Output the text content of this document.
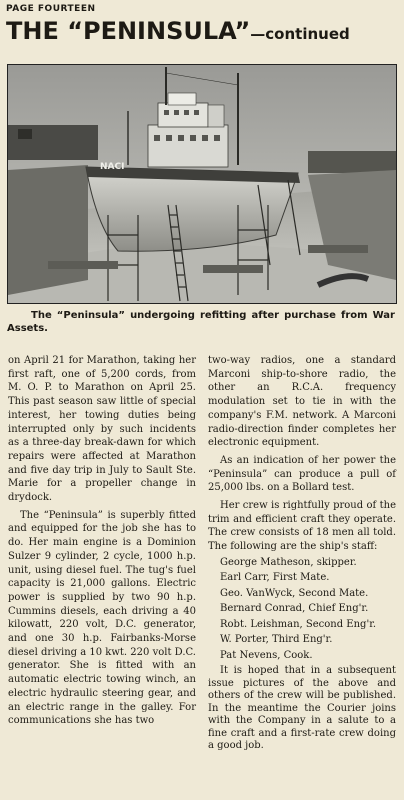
PAGE FOURTEEN
THE “PENINSULA”—continued
NACI
The “Peninsula” undergoing refitting after purchase from War Assets.

on April 21 for Marathon, taking her first raft, one of 5,200 cords, from M. O. P. to Marathon on April 25. This past season saw little of special interest, her towing duties being interrupted only by such incidents as a three-day break-dawn for which repairs were affected at Marathon and five day trip in July to Sault Ste. Marie for a propeller change in drydock.

The “Peninsula” is superbly fitted and equipped for the job she has to do. Her main engine is a Dominion Sulzer 9 cylinder, 2 cycle, 1000 h.p. unit, using diesel fuel. The tug's fuel capacity is 21,000 gallons. Electric power is supplied by two 90 h.p. Cummins diesels, each driving a 40 kilowatt, 220 volt, D.C. generator, and one 30 h.p. Fairbanks-Morse diesel driving a 10 kwt. 220 volt D.C. generator. She is fitted with an automatic electric towing winch, an electric hydraulic steering gear, and an electric range in the galley. For communications she has two

two-way radios, one a standard Marconi ship-to-shore radio, the other an R.C.A. frequency modulation set to tie in with the company's F.M. network. A Marconi radio-direction finder completes her electronic equipment.

As an indication of her power the “Peninsula” can produce a pull of 25,000 lbs. on a Bollard test.

Her crew is rightfully proud of the trim and efficient craft they operate. The crew consists of 18 men all told. The following are the ship's staff:

George Matheson, skipper.
Earl Carr, First Mate.
Geo. VanWyck, Second Mate.
Bernard Conrad, Chief Eng'r.
Robt. Leishman, Second Eng'r.
W. Porter, Third Eng'r.
Pat Nevens, Cook.

It is hoped that in a subsequent issue pictures of the above and others of the crew will be published. In the meantime the Courier joins with the Company in a salute to a fine craft and a first-rate crew doing a good job.
